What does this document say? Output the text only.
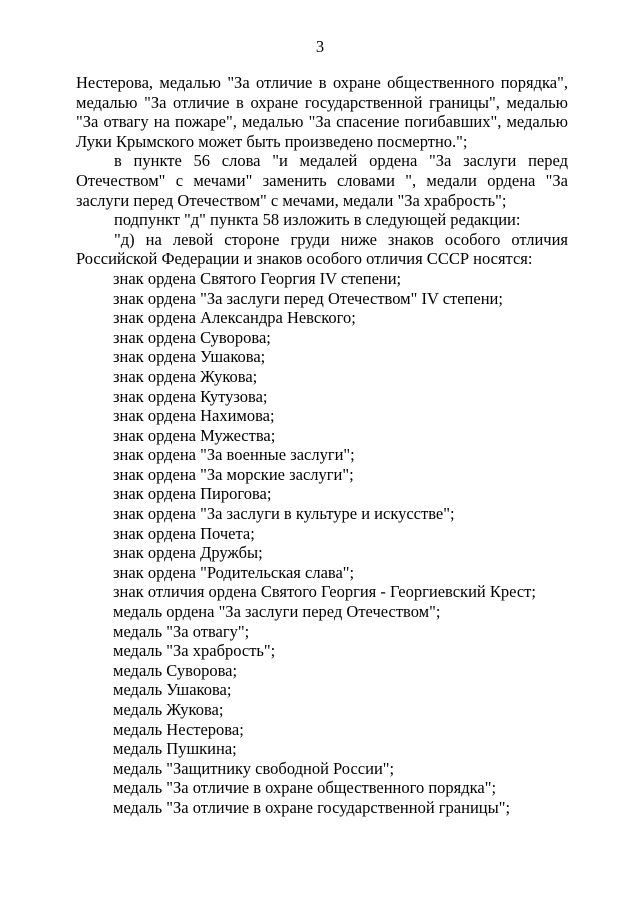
3

Нестерова, медалью "За отличие в охране общественного порядка", медалью "За отличие в охране государственной границы", медалью "За отвагу на пожаре", медалью "За спасение погибавших", медалью Луки Крымского может быть произведено посмертно.";

в пункте 56 слова "и медалей ордена "За заслуги перед Отечеством" с мечами" заменить словами ", медали ордена "За заслуги перед Отечеством" с мечами, медали "За храбрость";

подпункт "д" пункта 58 изложить в следующей редакции:

"д) на левой стороне груди ниже знаков особого отличия Российской Федерации и знаков особого отличия СССР носятся:

знак ордена Святого Георгия IV степени;
знак ордена "За заслуги перед Отечеством" IV степени;
знак ордена Александра Невского;
знак ордена Суворова;
знак ордена Ушакова;
знак ордена Жукова;
знак ордена Кутузова;
знак ордена Нахимова;
знак ордена Мужества;
знак ордена "За военные заслуги";
знак ордена "За морские заслуги";
знак ордена Пирогова;
знак ордена "За заслуги в культуре и искусстве";
знак ордена Почета;
знак ордена Дружбы;
знак ордена "Родительская слава";
знак отличия ордена Святого Георгия - Георгиевский Крест;
медаль ордена "За заслуги перед Отечеством";
медаль "За отвагу";
медаль "За храбрость";
медаль Суворова;
медаль Ушакова;
медаль Жукова;
медаль Нестерова;
медаль Пушкина;
медаль "Защитнику свободной России";
медаль "За отличие в охране общественного порядка";
медаль "За отличие в охране государственной границы";
